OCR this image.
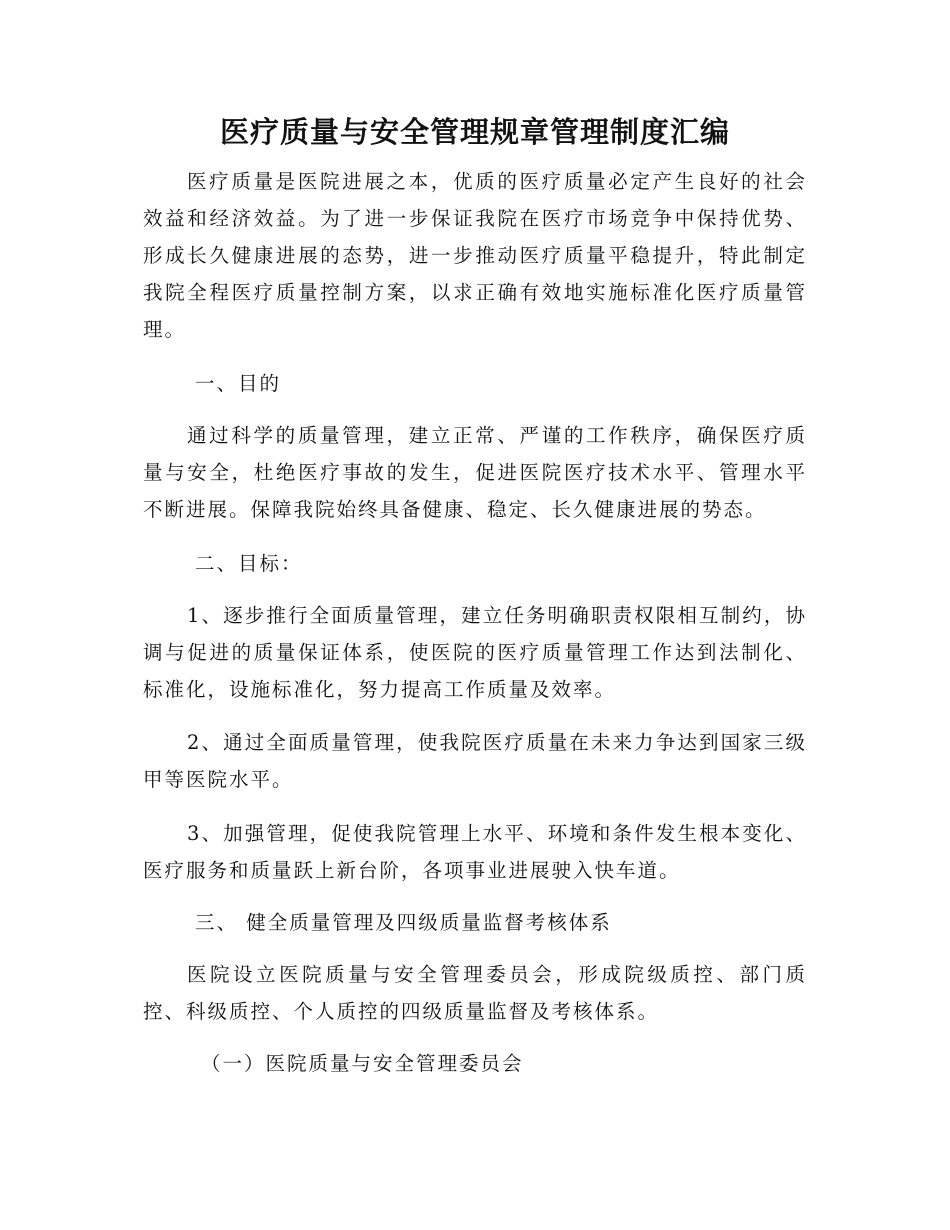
医疗质量与安全管理规章管理制度汇编

医疗质量是医院进展之本，优质的医疗质量必定产生良好的社会效益和经济效益。为了进一步保证我院在医疗市场竞争中保持优势、形成长久健康进展的态势，进一步推动医疗质量平稳提升，特此制定我院全程医疗质量控制方案，以求正确有效地实施标准化医疗质量管理。

一、目的

通过科学的质量管理，建立正常、严谨的工作秩序，确保医疗质量与安全，杜绝医疗事故的发生，促进医院医疗技术水平、管理水平不断进展。保障我院始终具备健康、稳定、长久健康进展的势态。

二、目标：

1、逐步推行全面质量管理，建立任务明确职责权限相互制约，协调与促进的质量保证体系，使医院的医疗质量管理工作达到法制化、标准化，设施标准化，努力提高工作质量及效率。

2、通过全面质量管理，使我院医疗质量在未来力争达到国家三级甲等医院水平。

3、加强管理，促使我院管理上水平、环境和条件发生根本变化、医疗服务和质量跃上新台阶，各项事业进展驶入快车道。

三、 健全质量管理及四级质量监督考核体系

医院设立医院质量与安全管理委员会，形成院级质控、部门质控、科级质控、个人质控的四级质量监督及考核体系。

（一）医院质量与安全管理委员会
